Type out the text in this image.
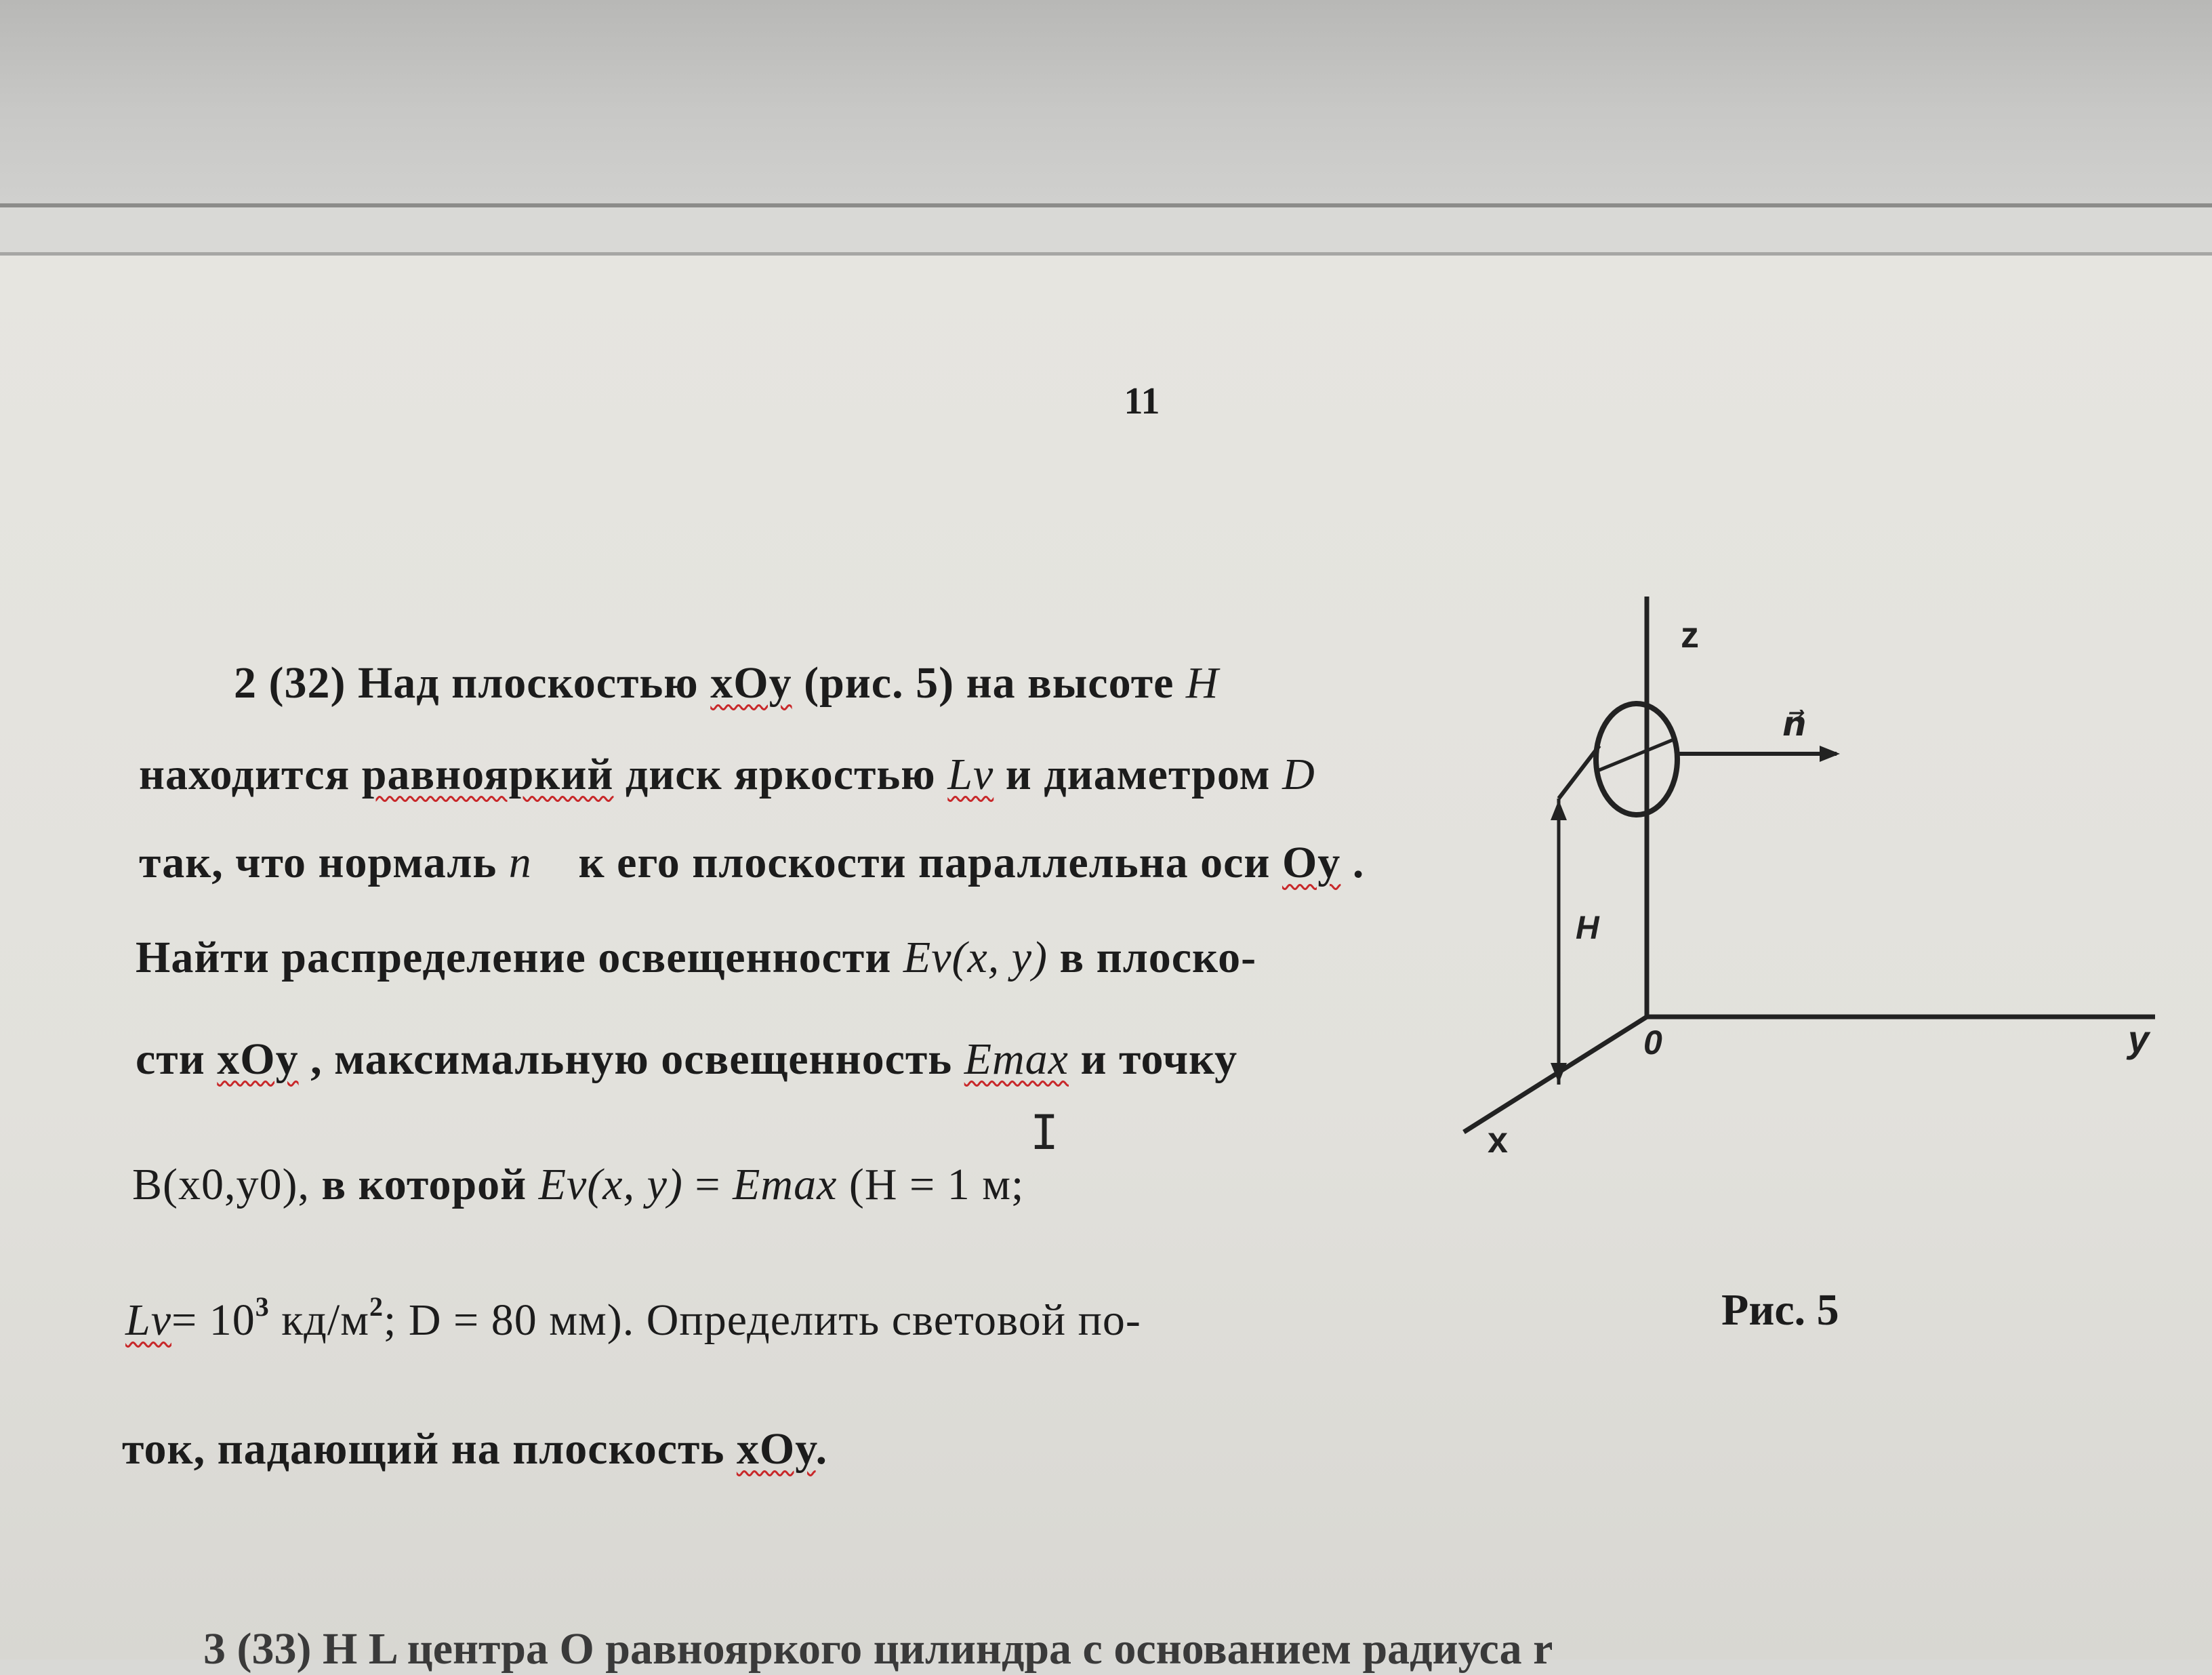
11
2 (32) Над плоскостью xOy (рис. 5) на высоте H
находится равнояркий диск яркостью Lv и диаметром D
так, что нормаль n⃗ к его плоскости параллельна оси Oy .
Найти распределение освещенности Ev(x, y) в плоско-
сти xOy , максимальную освещенность Emax и точку
B(x0,y0), в которой Ev(x, y) = Emax (H = 1 м;
$Lv= 10^3$ $кд/м^2$; D = 80 мм). Определить световой по-
ток, падающий на плоскость xOy.
Ι
z
n⃗
H
0	y
x
Рис. 5
3 (33) Н L центра О равнояркого цилиндра с основанием радиуса r
